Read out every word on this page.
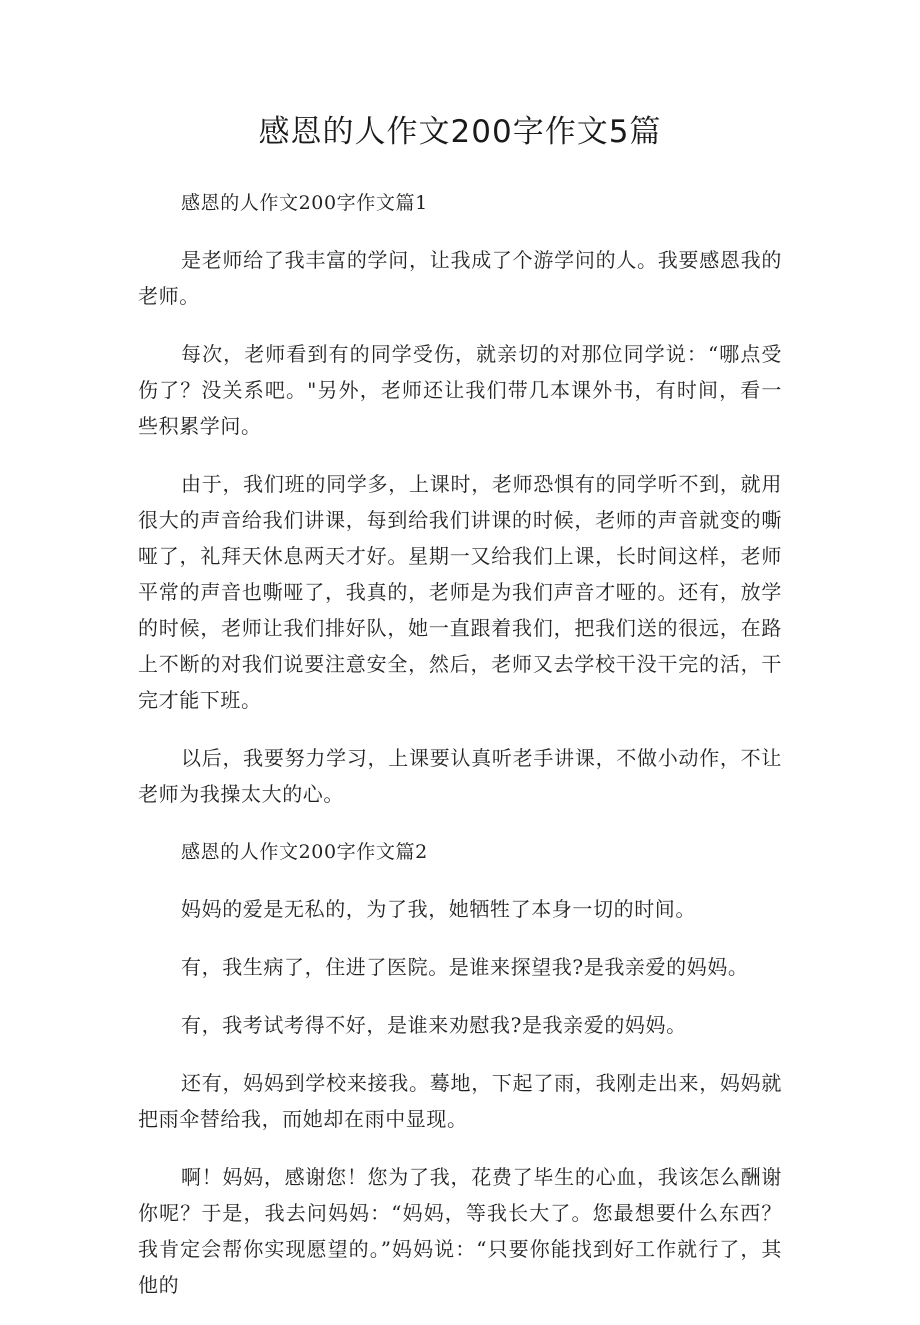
感恩的人作文200字作文5篇

感恩的人作文200字作文篇1

是老师给了我丰富的学问，让我成了个游学问的人。我要感恩我的老师。

每次，老师看到有的同学受伤，就亲切的对那位同学说：“哪点受伤了？没关系吧。"另外，老师还让我们带几本课外书，有时间，看一些积累学问。

由于，我们班的同学多，上课时，老师恐惧有的同学听不到，就用很大的声音给我们讲课，每到给我们讲课的时候，老师的声音就变的嘶哑了，礼拜天休息两天才好。星期一又给我们上课，长时间这样，老师平常的声音也嘶哑了，我真的，老师是为我们声音才哑的。还有，放学的时候，老师让我们排好队，她一直跟着我们，把我们送的很远，在路上不断的对我们说要注意安全，然后，老师又去学校干没干完的活，干完才能下班。

以后，我要努力学习，上课要认真听老手讲课，不做小动作，不让老师为我操太大的心。

感恩的人作文200字作文篇2

妈妈的爱是无私的，为了我，她牺牲了本身一切的时间。

有，我生病了，住进了医院。是谁来探望我?是我亲爱的妈妈。

有，我考试考得不好，是谁来劝慰我?是我亲爱的妈妈。

还有，妈妈到学校来接我。蓦地，下起了雨，我刚走出来，妈妈就把雨伞替给我，而她却在雨中显现。

啊！妈妈，感谢您！您为了我，花费了毕生的心血，我该怎么酬谢你呢？于是，我去问妈妈：“妈妈，等我长大了。您最想要什么东西？我肯定会帮你实现愿望的。”妈妈说：“只要你能找到好工作就行了，其他的
